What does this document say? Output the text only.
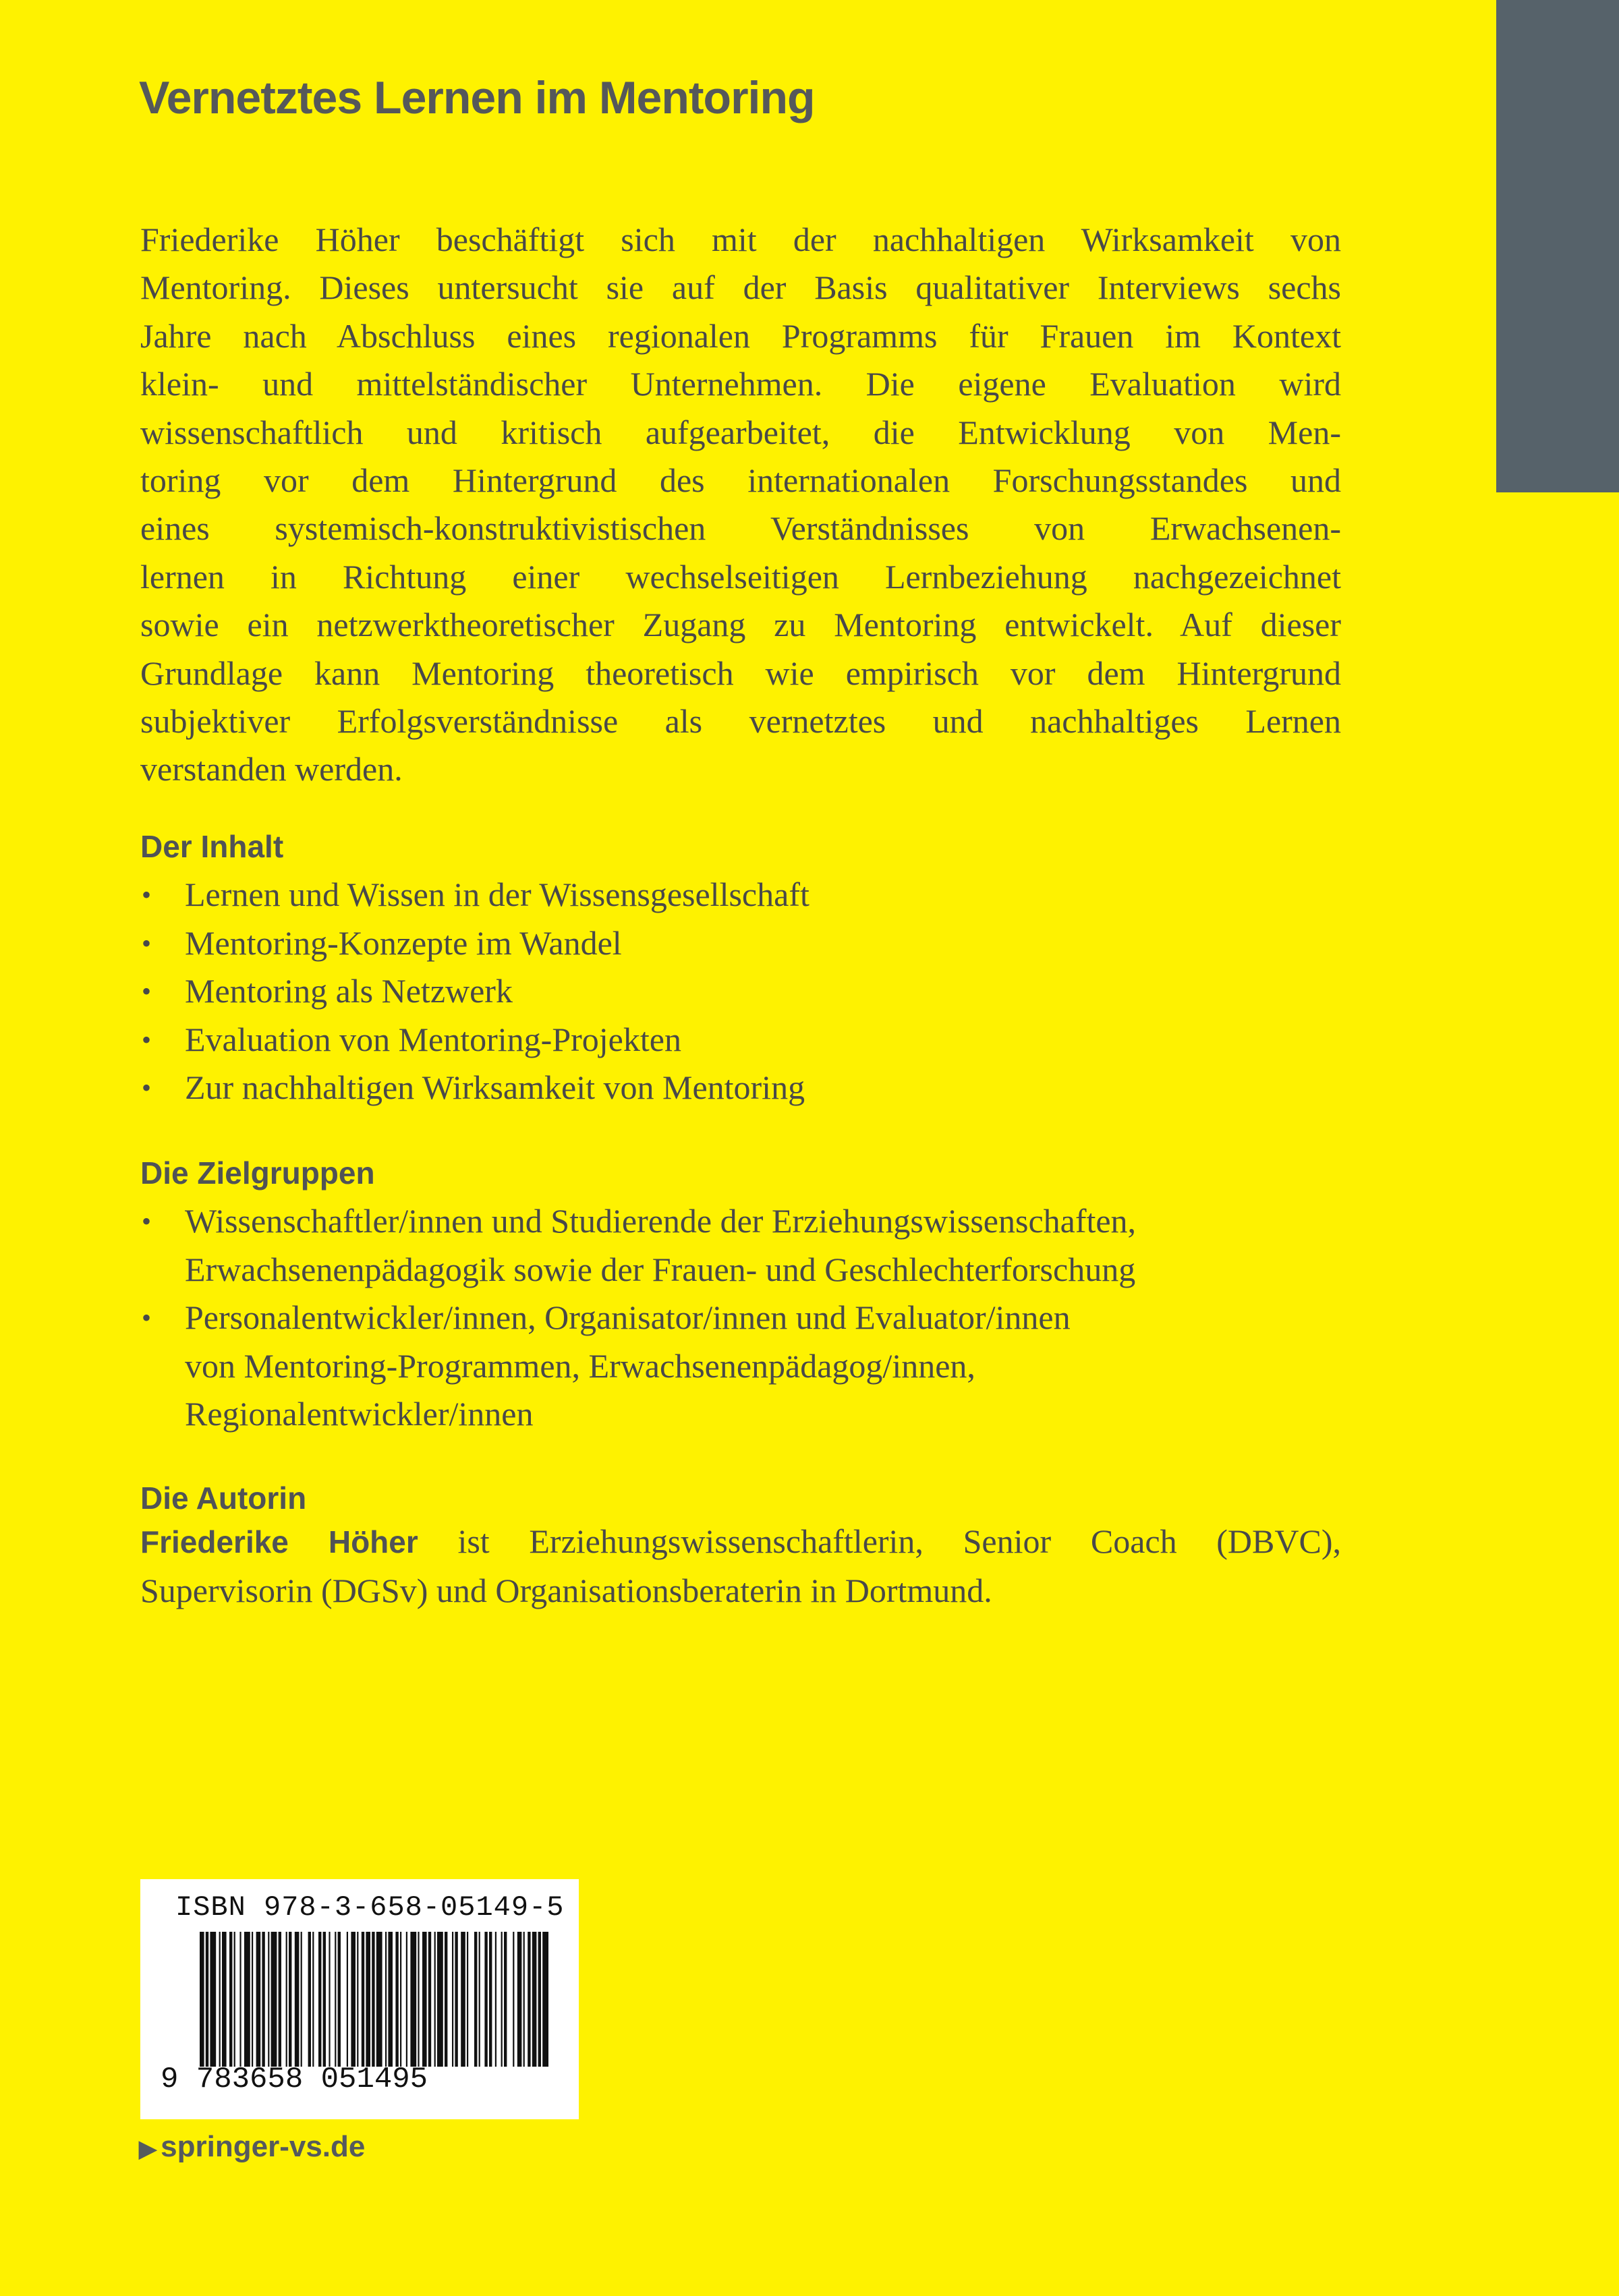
Vernetztes Lernen im Mentoring
Friederike Höher beschäftigt sich mit der nachhaltigen Wirksamkeit von
Mentoring. Dieses untersucht sie auf der Basis qualitativer Interviews sechs
Jahre nach Abschluss eines regionalen Programms für Frauen im Kontext
klein- und mittelständischer Unternehmen. Die eigene Evaluation wird
wissenschaftlich und kritisch aufgearbeitet, die Entwicklung von Men-
toring vor dem Hintergrund des internationalen Forschungsstandes und
eines systemisch-konstruktivistischen Verständnisses von Erwachsenen-
lernen in Richtung einer wechselseitigen Lernbeziehung nachgezeichnet
sowie ein netzwerktheoretischer Zugang zu Mentoring entwickelt. Auf dieser
Grundlage kann Mentoring theoretisch wie empirisch vor dem Hintergrund
subjektiver Erfolgsverständnisse als vernetztes und nachhaltiges Lernen
verstanden werden.
Der Inhalt
• Lernen und Wissen in der Wissensgesellschaft
• Mentoring-Konzepte im Wandel
• Mentoring als Netzwerk
• Evaluation von Mentoring-Projekten
• Zur nachhaltigen Wirksamkeit von Mentoring
Die Zielgruppen
• Wissenschaftler/innen und Studierende der Erziehungswissenschaften,
Erwachsenenpädagogik sowie der Frauen- und Geschlechterforschung
• Personalentwickler/innen, Organisator/innen und Evaluator/innen
von Mentoring-Programmen, Erwachsenenpädagog/innen,
Regionalentwickler/innen
Die Autorin
Friederike Höher ist Erziehungswissenschaftlerin, Senior Coach (DBVC),
Supervisorin (DGSv) und Organisationsberaterin in Dortmund.
ISBN 978-3-658-05149-5
9 783658 051495
▶ springer-vs.de
